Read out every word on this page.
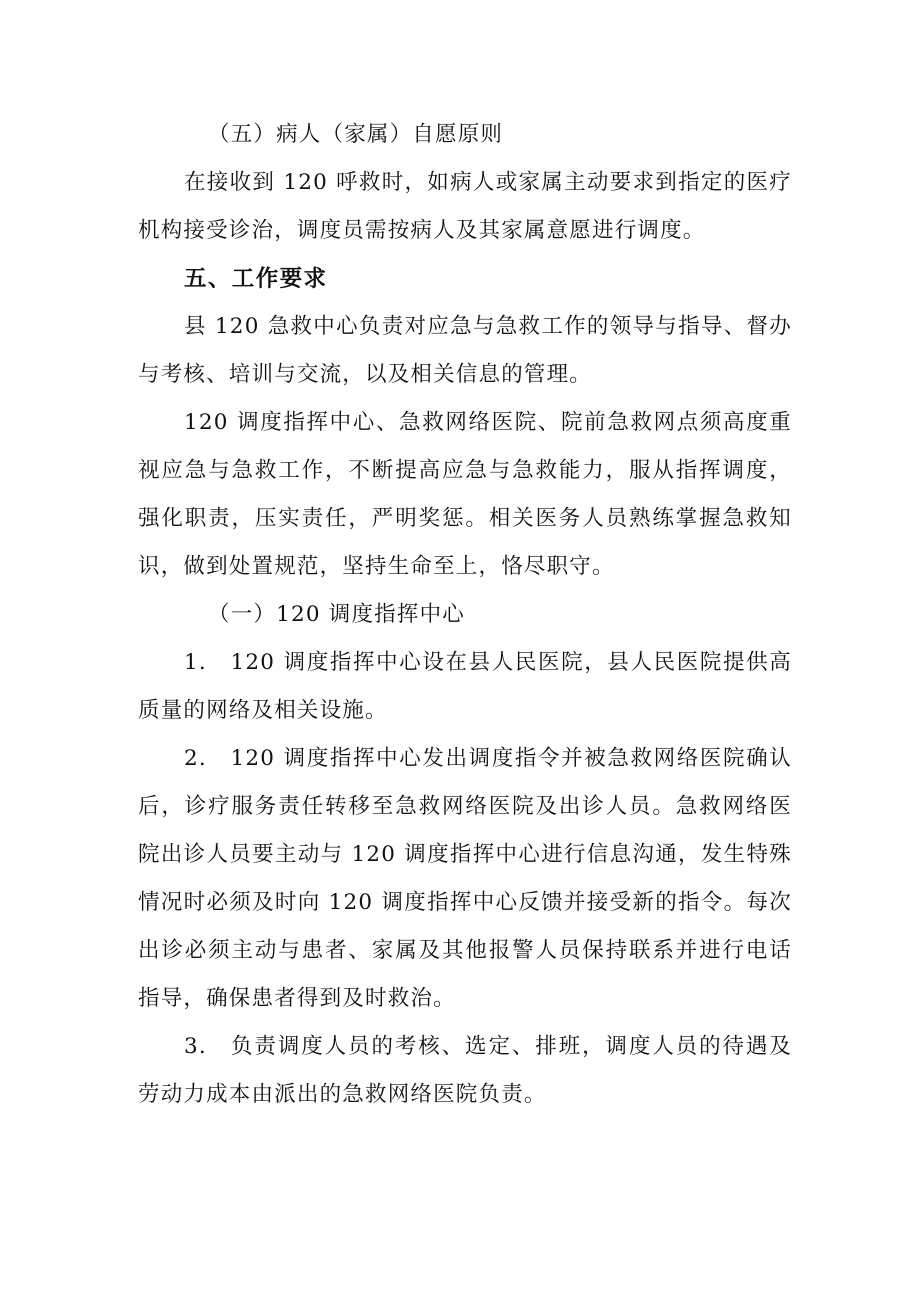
（五）病人（家属）自愿原则

在接收到 120 呼救时，如病人或家属主动要求到指定的医疗机构接受诊治，调度员需按病人及其家属意愿进行调度。

五、工作要求

县 120 急救中心负责对应急与急救工作的领导与指导、督办与考核、培训与交流，以及相关信息的管理。

120 调度指挥中心、急救网络医院、院前急救网点须高度重视应急与急救工作，不断提高应急与急救能力，服从指挥调度，强化职责，压实责任，严明奖惩。相关医务人员熟练掌握急救知识，做到处置规范，坚持生命至上，恪尽职守。

（一）120 调度指挥中心

1.　120 调度指挥中心设在县人民医院，县人民医院提供高质量的网络及相关设施。

2.　120 调度指挥中心发出调度指令并被急救网络医院确认后，诊疗服务责任转移至急救网络医院及出诊人员。急救网络医院出诊人员要主动与 120 调度指挥中心进行信息沟通，发生特殊情况时必须及时向 120 调度指挥中心反馈并接受新的指令。每次出诊必须主动与患者、家属及其他报警人员保持联系并进行电话指导，确保患者得到及时救治。

3.　负责调度人员的考核、选定、排班，调度人员的待遇及劳动力成本由派出的急救网络医院负责。
